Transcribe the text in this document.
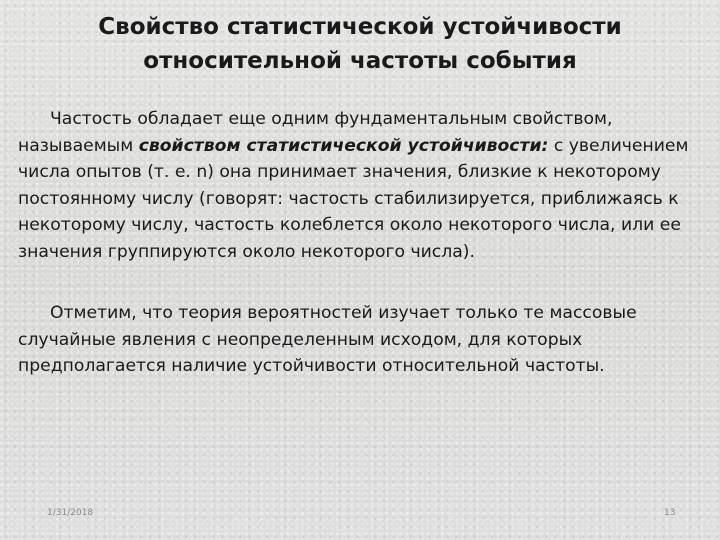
Свойство статистической устойчивости
относительной частоты события

Частость обладает еще одним фундаментальным свойством, называемым свойством статистической устойчивости: с увеличением числа опытов (т. е. n) она принимает значения, близкие к некоторому постоянному числу (говорят: частость стабилизируется, приближаясь к некоторому числу, частость колеблется около некоторого числа, или ее значения группируются около некоторого числа).

Отметим, что теория вероятностей изучает только те массовые случайные явления с неопределенным исходом, для которых предполагается наличие устойчивости относительной частоты.

1/31/2018	13
